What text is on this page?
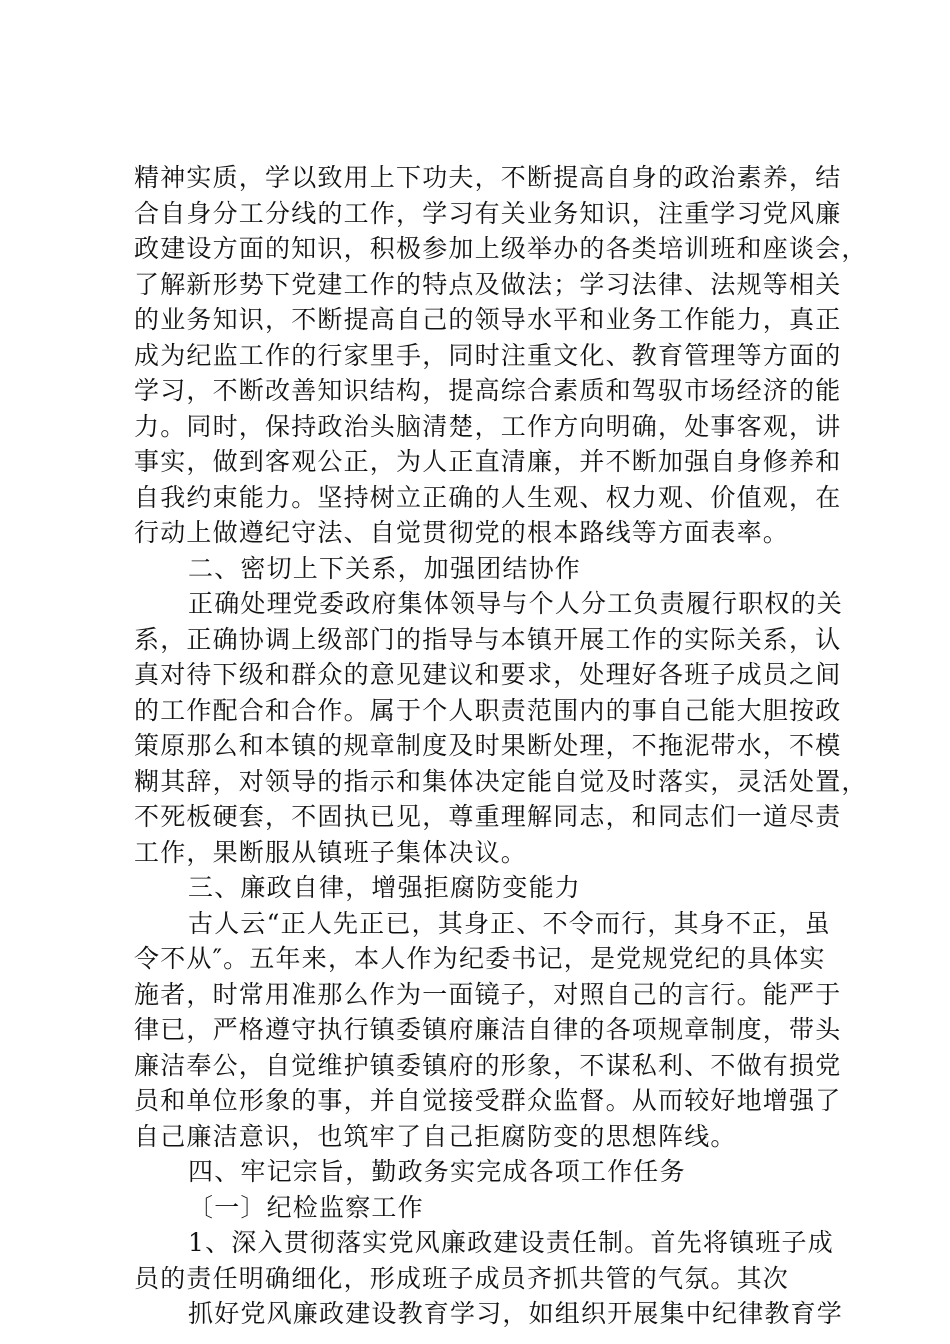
精神实质，学以致用上下功夫，不断提高自身的政治素养，结
合自身分工分线的工作，学习有关业务知识，注重学习党风廉
政建设方面的知识，积极参加上级举办的各类培训班和座谈会，
了解新形势下党建工作的特点及做法；学习法律、法规等相关
的业务知识，不断提高自己的领导水平和业务工作能力，真正
成为纪监工作的行家里手，同时注重文化、教育管理等方面的
学习，不断改善知识结构，提高综合素质和驾驭市场经济的能
力。同时，保持政治头脑清楚，工作方向明确，处事客观，讲
事实，做到客观公正，为人正直清廉，并不断加强自身修养和
自我约束能力。坚持树立正确的人生观、权力观、价值观，在
行动上做遵纪守法、自觉贯彻党的根本路线等方面表率。
二、密切上下关系，加强团结协作
正确处理党委政府集体领导与个人分工负责履行职权的关
系，正确协调上级部门的指导与本镇开展工作的实际关系，认
真对待下级和群众的意见建议和要求，处理好各班子成员之间
的工作配合和合作。属于个人职责范围内的事自己能大胆按政
策原那么和本镇的规章制度及时果断处理，不拖泥带水，不模
糊其辞，对领导的指示和集体决定能自觉及时落实，灵活处置，
不死板硬套，不固执已见，尊重理解同志，和同志们一道尽责
工作，果断服从镇班子集体决议。
三、廉政自律，增强拒腐防变能力
古人云“正人先正已，其身正、不令而行，其身不正，虽
令不从″。五年来，本人作为纪委书记，是党规党纪的具体实
施者，时常用准那么作为一面镜子，对照自己的言行。能严于
律已，严格遵守执行镇委镇府廉洁自律的各项规章制度，带头
廉洁奉公，自觉维护镇委镇府的形象，不谋私利、不做有损党
员和单位形象的事，并自觉接受群众监督。从而较好地增强了
自己廉洁意识，也筑牢了自己拒腐防变的思想阵线。
四、牢记宗旨，勤政务实完成各项工作任务
〔一〕纪检监察工作
1、深入贯彻落实党风廉政建设责任制。首先将镇班子成
员的责任明确细化，形成班子成员齐抓共管的气氛。其次
抓好党风廉政建设教育学习，如组织开展集中纪律教育学
